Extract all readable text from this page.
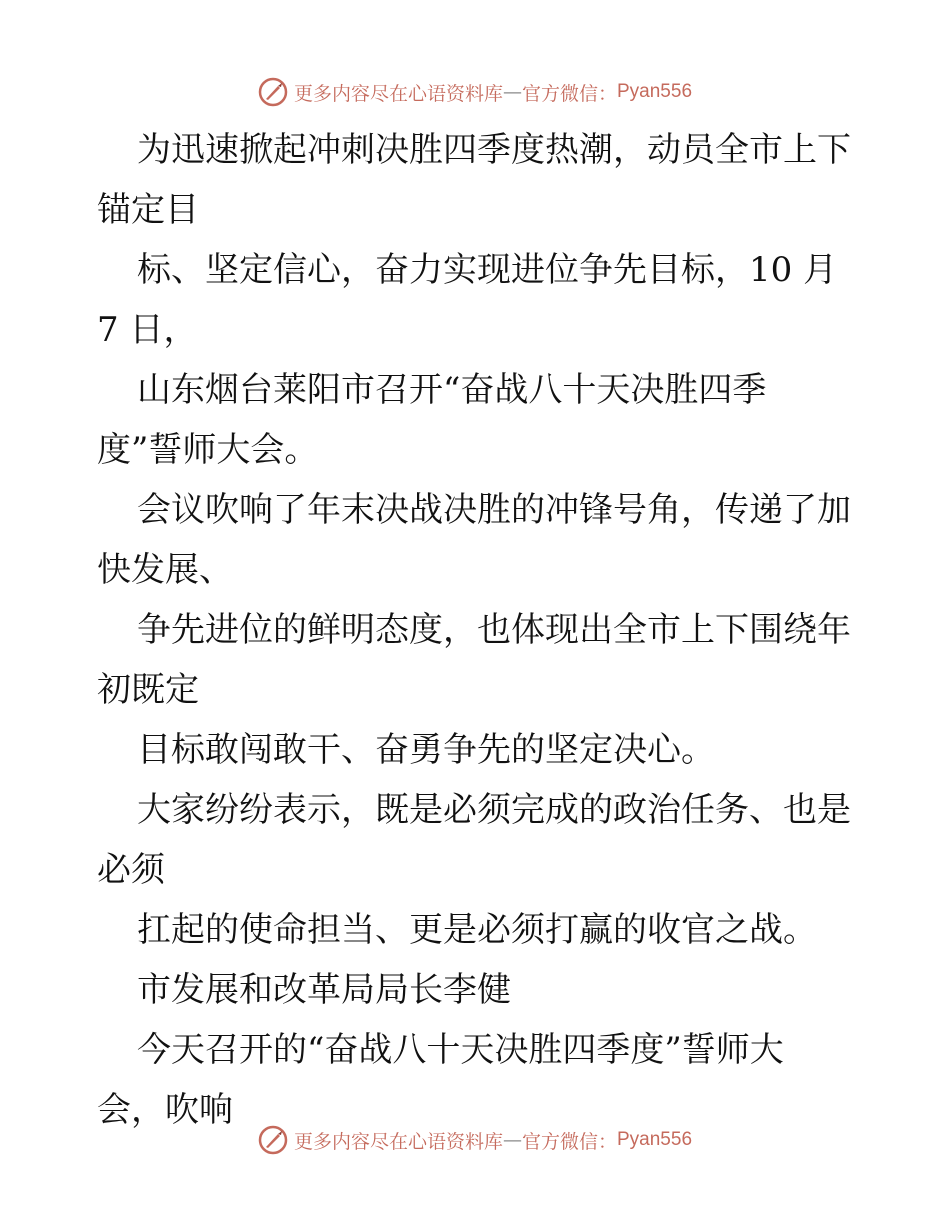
更多内容尽在心语资料库 — 官方微信： Pyan556
为迅速掀起冲刺决胜四季度热潮，动员全市上下
锚定目
标、坚定信心，奋力实现进位争先目标，10 月
7 日，
山东烟台莱阳市召开“奋战八十天决胜四季
度”誓师大会。
会议吹响了年末决战决胜的冲锋号角，传递了加
快发展、
争先进位的鲜明态度，也体现出全市上下围绕年
初既定
目标敢闯敢干、奋勇争先的坚定决心。
大家纷纷表示，既是必须完成的政治任务、也是
必须
扛起的使命担当、更是必须打赢的收官之战。
市发展和改革局局长李健
今天召开的“奋战八十天决胜四季度”誓师大
会，吹响
更多内容尽在心语资料库 — 官方微信： Pyan556
